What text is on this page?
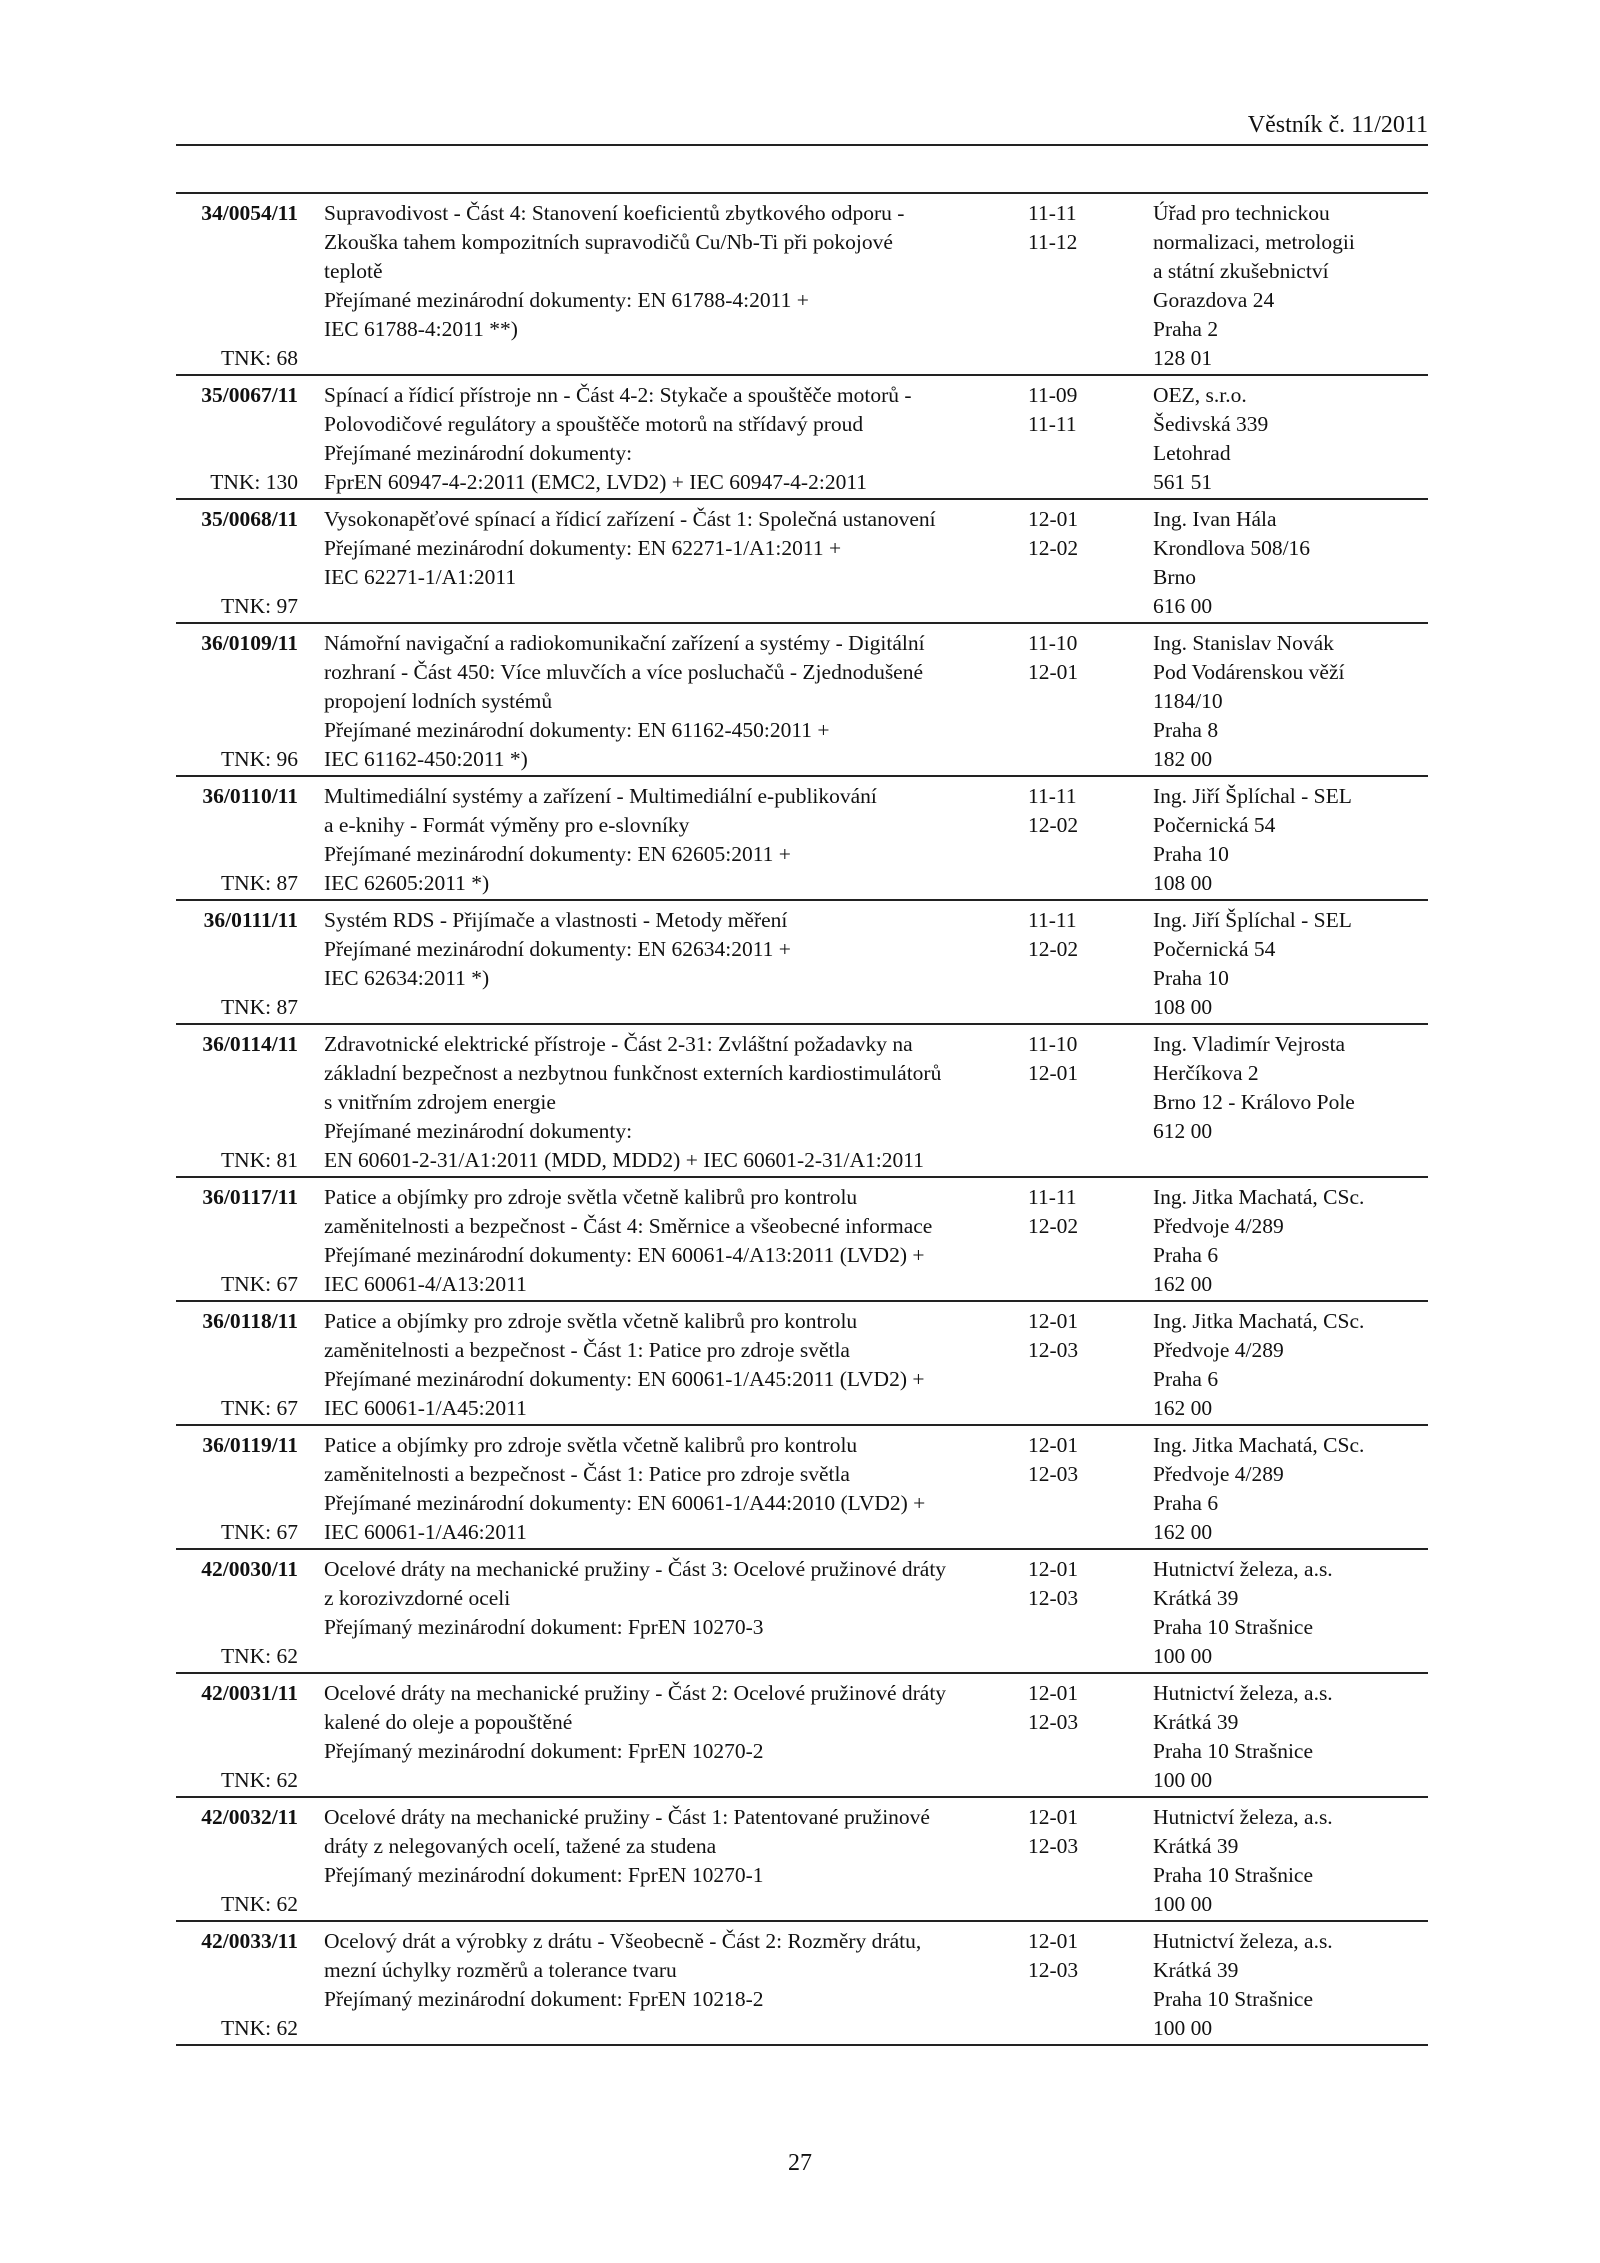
Věstník č. 11/2011
34/0054/11
TNK: 68
Supravodivost - Část 4: Stanovení koeficientů zbytkového odporu -
Zkouška tahem kompozitních supravodičů Cu/Nb-Ti při pokojové
teplotě
Přejímané mezinárodní dokumenty: EN 61788-4:2011 +
IEC 61788-4:2011 **)
11-11
11-12
Úřad pro technickou
normalizaci, metrologii
a státní zkušebnictví
Gorazdova 24
Praha 2
128 01
35/0067/11
TNK: 130
Spínací a řídicí přístroje nn - Část 4-2: Stykače a spouštěče motorů -
Polovodičové regulátory a spouštěče motorů na střídavý proud
Přejímané mezinárodní dokumenty:
FprEN 60947-4-2:2011 (EMC2, LVD2) + IEC 60947-4-2:2011
11-09
11-11
OEZ, s.r.o.
Šedivská 339
Letohrad
561 51
35/0068/11
TNK: 97
Vysokonapěťové spínací a řídicí zařízení - Část 1: Společná ustanovení
Přejímané mezinárodní dokumenty: EN 62271-1/A1:2011 +
IEC 62271-1/A1:2011
12-01
12-02
Ing. Ivan Hála
Krondlova 508/16
Brno
616 00
36/0109/11
TNK: 96
Námořní navigační a radiokomunikační zařízení a systémy - Digitální
rozhraní - Část 450: Více mluvčích a více posluchačů - Zjednodušené
propojení lodních systémů
Přejímané mezinárodní dokumenty: EN 61162-450:2011 +
IEC 61162-450:2011 *)
11-10
12-01
Ing. Stanislav Novák
Pod Vodárenskou věží
1184/10
Praha 8
182 00
36/0110/11
TNK: 87
Multimediální systémy a zařízení - Multimediální e-publikování
a e-knihy - Formát výměny pro e-slovníky
Přejímané mezinárodní dokumenty: EN 62605:2011 +
IEC 62605:2011 *)
11-11
12-02
Ing. Jiří Šplíchal - SEL
Počernická 54
Praha 10
108 00
36/0111/11
TNK: 87
Systém RDS - Přijímače a vlastnosti - Metody měření
Přejímané mezinárodní dokumenty: EN 62634:2011 +
IEC 62634:2011 *)
11-11
12-02
Ing. Jiří Šplíchal - SEL
Počernická 54
Praha 10
108 00
36/0114/11
TNK: 81
Zdravotnické elektrické přístroje - Část 2-31: Zvláštní požadavky na
základní bezpečnost a nezbytnou funkčnost externích kardiostimulátorů
s vnitřním zdrojem energie
Přejímané mezinárodní dokumenty:
EN 60601-2-31/A1:2011 (MDD, MDD2) + IEC 60601-2-31/A1:2011
11-10
12-01
Ing. Vladimír Vejrosta
Herčíkova 2
Brno 12 - Královo Pole
612 00
36/0117/11
TNK: 67
Patice a objímky pro zdroje světla včetně kalibrů pro kontrolu
zaměnitelnosti a bezpečnost - Část 4: Směrnice a všeobecné informace
Přejímané mezinárodní dokumenty: EN 60061-4/A13:2011 (LVD2) +
IEC 60061-4/A13:2011
11-11
12-02
Ing. Jitka Machatá, CSc.
Předvoje 4/289
Praha 6
162 00
36/0118/11
TNK: 67
Patice a objímky pro zdroje světla včetně kalibrů pro kontrolu
zaměnitelnosti a bezpečnost - Část 1: Patice pro zdroje světla
Přejímané mezinárodní dokumenty: EN 60061-1/A45:2011 (LVD2) +
IEC 60061-1/A45:2011
12-01
12-03
Ing. Jitka Machatá, CSc.
Předvoje 4/289
Praha 6
162 00
36/0119/11
TNK: 67
Patice a objímky pro zdroje světla včetně kalibrů pro kontrolu
zaměnitelnosti a bezpečnost - Část 1: Patice pro zdroje světla
Přejímané mezinárodní dokumenty: EN 60061-1/A44:2010 (LVD2) +
IEC 60061-1/A46:2011
12-01
12-03
Ing. Jitka Machatá, CSc.
Předvoje 4/289
Praha 6
162 00
42/0030/11
TNK: 62
Ocelové dráty na mechanické pružiny - Část 3: Ocelové pružinové dráty
z korozivzdorné oceli
Přejímaný mezinárodní dokument: FprEN 10270-3
12-01
12-03
Hutnictví železa, a.s.
Krátká 39
Praha 10 Strašnice
100 00
42/0031/11
TNK: 62
Ocelové dráty na mechanické pružiny - Část 2: Ocelové pružinové dráty
kalené do oleje a popouštěné
Přejímaný mezinárodní dokument: FprEN 10270-2
12-01
12-03
Hutnictví železa, a.s.
Krátká 39
Praha 10 Strašnice
100 00
42/0032/11
TNK: 62
Ocelové dráty na mechanické pružiny - Část 1: Patentované pružinové
dráty z nelegovaných ocelí, tažené za studena
Přejímaný mezinárodní dokument: FprEN 10270-1
12-01
12-03
Hutnictví železa, a.s.
Krátká 39
Praha 10 Strašnice
100 00
42/0033/11
TNK: 62
Ocelový drát a výrobky z drátu - Všeobecně - Část 2: Rozměry drátu,
mezní úchylky rozměrů a tolerance tvaru
Přejímaný mezinárodní dokument: FprEN 10218-2
12-01
12-03
Hutnictví železa, a.s.
Krátká 39
Praha 10 Strašnice
100 00
27
